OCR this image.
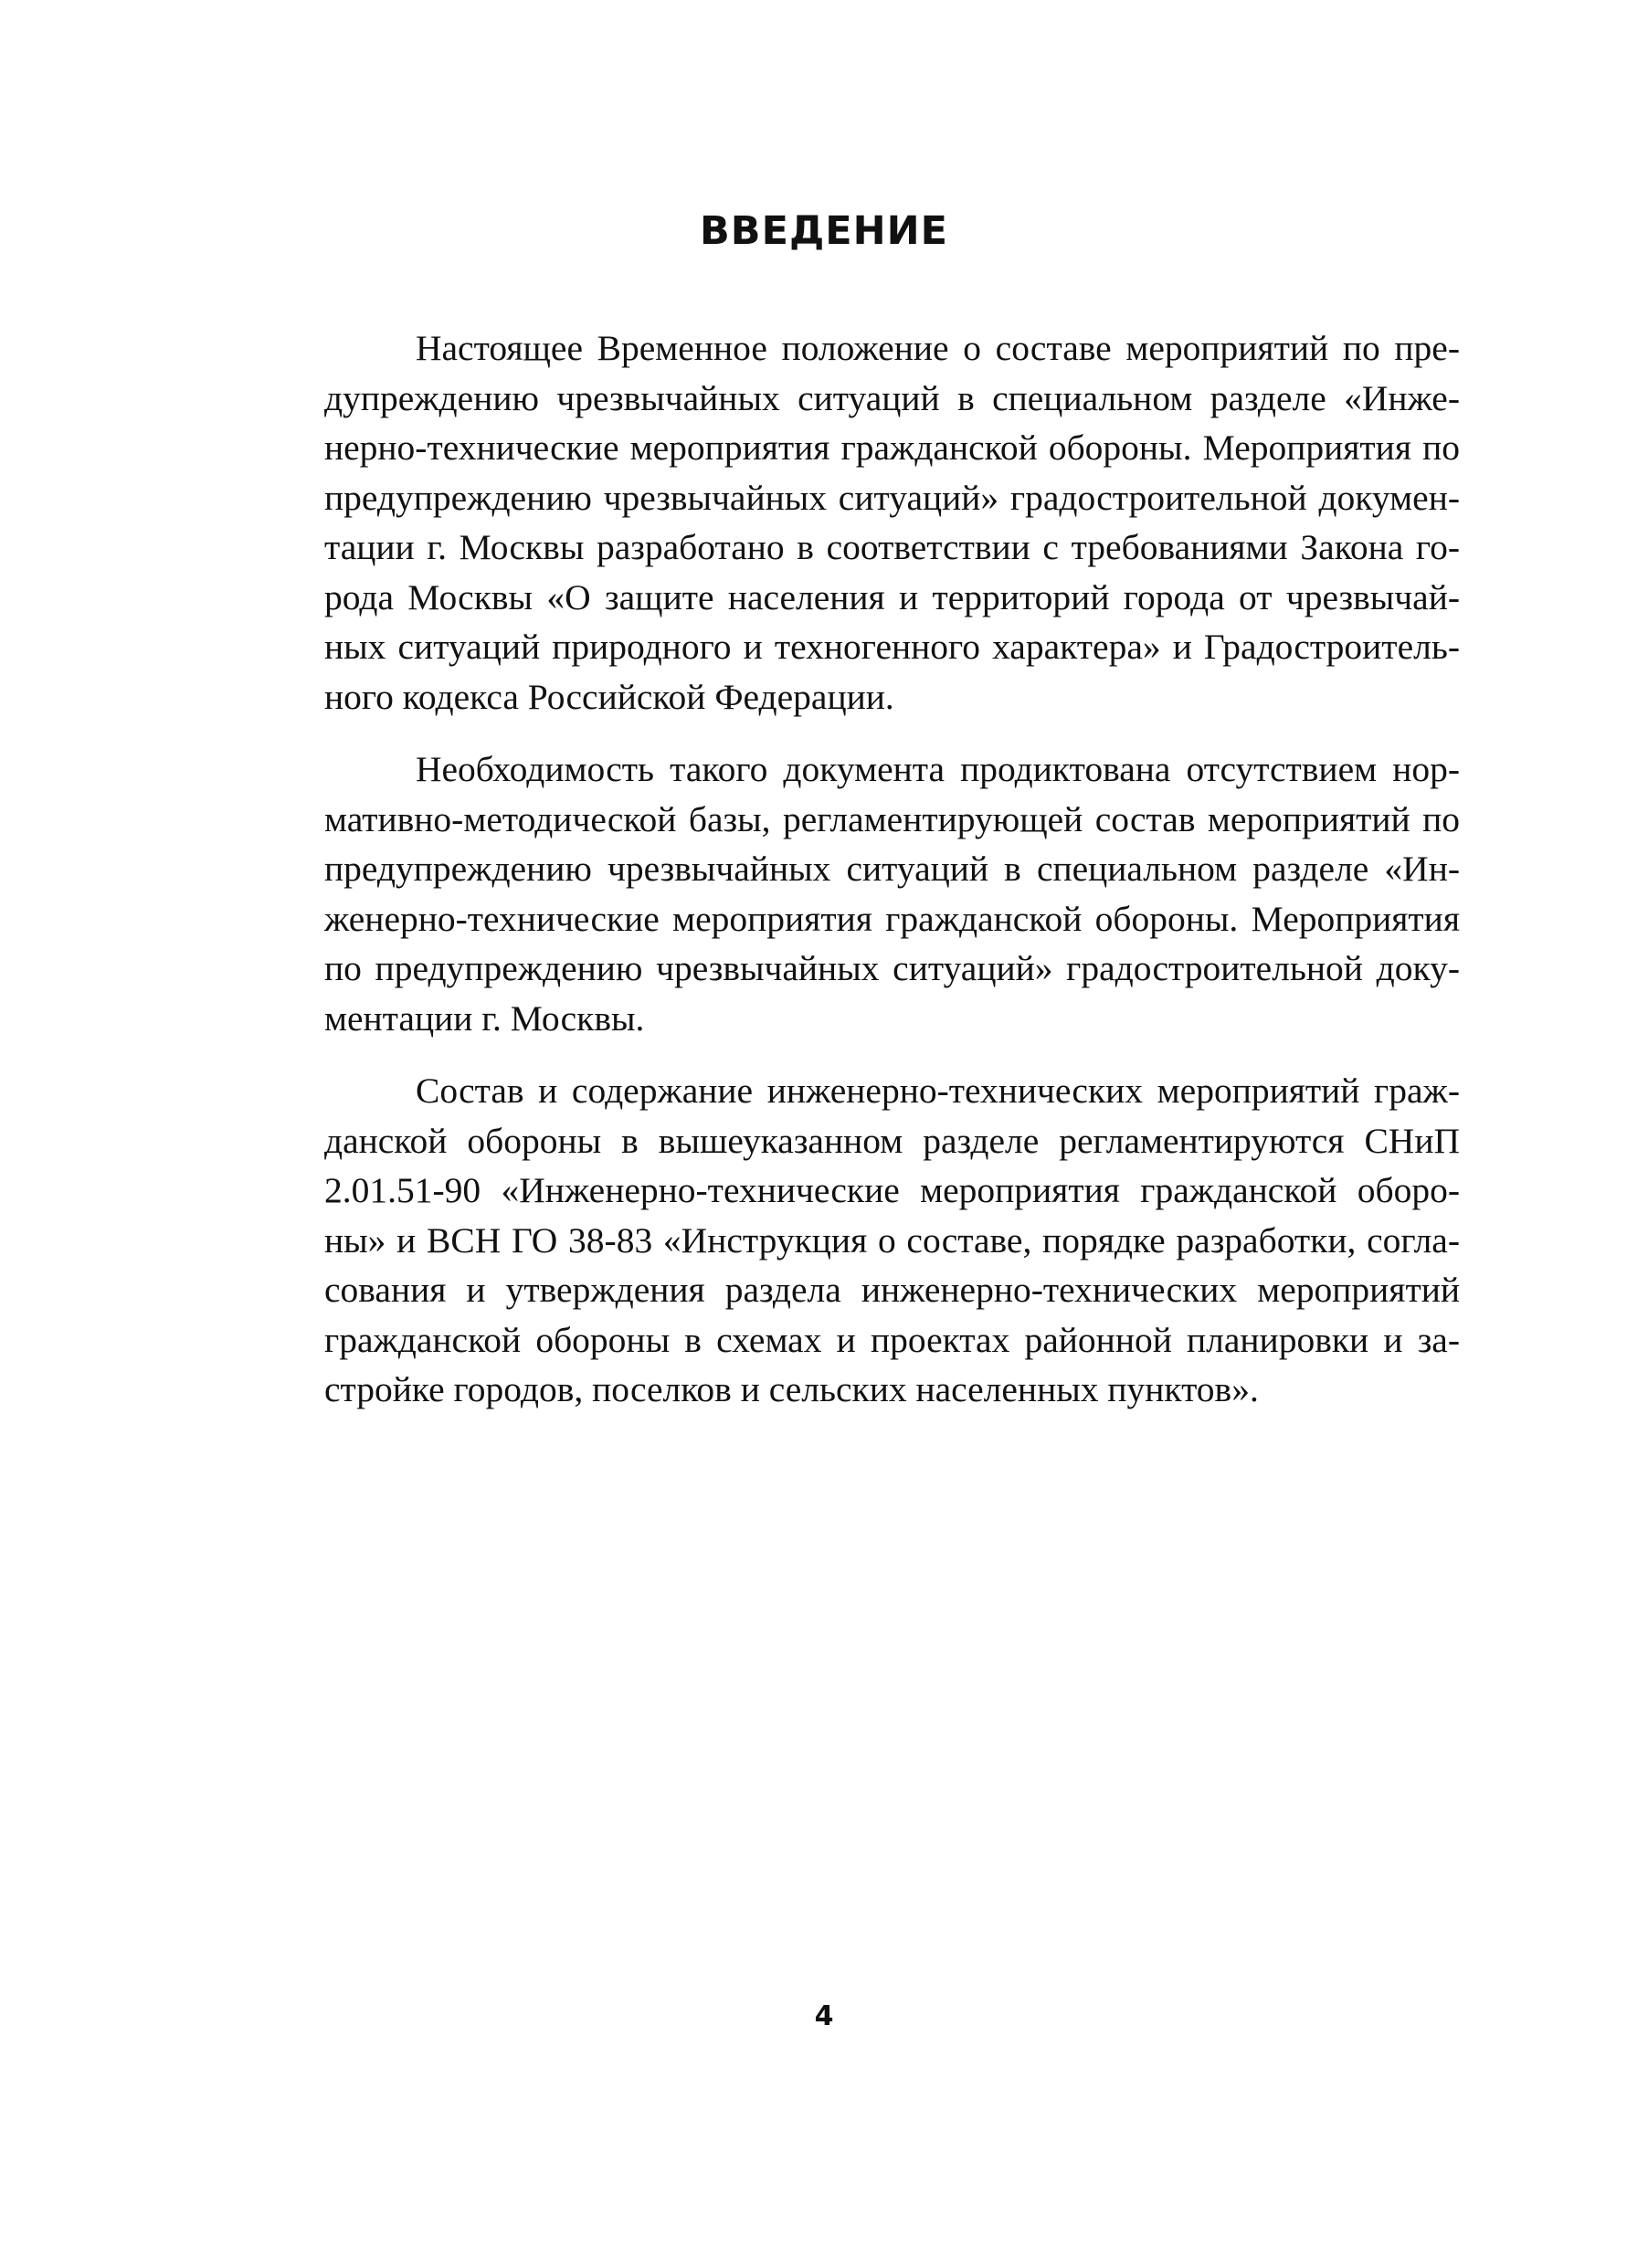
ВВЕДЕНИЕ

Настоящее Временное положение о составе мероприятий по предупреждению чрезвычайных ситуаций в специальном разделе «Инженерно-технические мероприятия гражданской обороны. Мероприятия по предупреждению чрезвычайных ситуаций» градостроительной документации г. Москвы разработано в соответствии с требованиями Закона города Москвы «О защите населения и территорий города от чрезвычайных ситуаций природного и техногенного характера» и Градостроительного кодекса Российской Федерации.

Необходимость такого документа продиктована отсутствием нормативно-методической базы, регламентирующей состав мероприятий по предупреждению чрезвычайных ситуаций в специальном разделе «Инженерно-технические мероприятия гражданской обороны. Мероприятия по предупреждению чрезвычайных ситуаций» градостроительной документации г. Москвы.

Состав и содержание инженерно-технических мероприятий гражданской обороны в вышеуказанном разделе регламентируются СНиП 2.01.51-90 «Инженерно-технические мероприятия гражданской обороны» и ВСН ГО 38-83 «Инструкция о составе, порядке разработки, согласования и утверждения раздела инженерно-технических мероприятий гражданской обороны в схемах и проектах районной планировки и застройке городов, поселков и сельских населенных пунктов».

4
